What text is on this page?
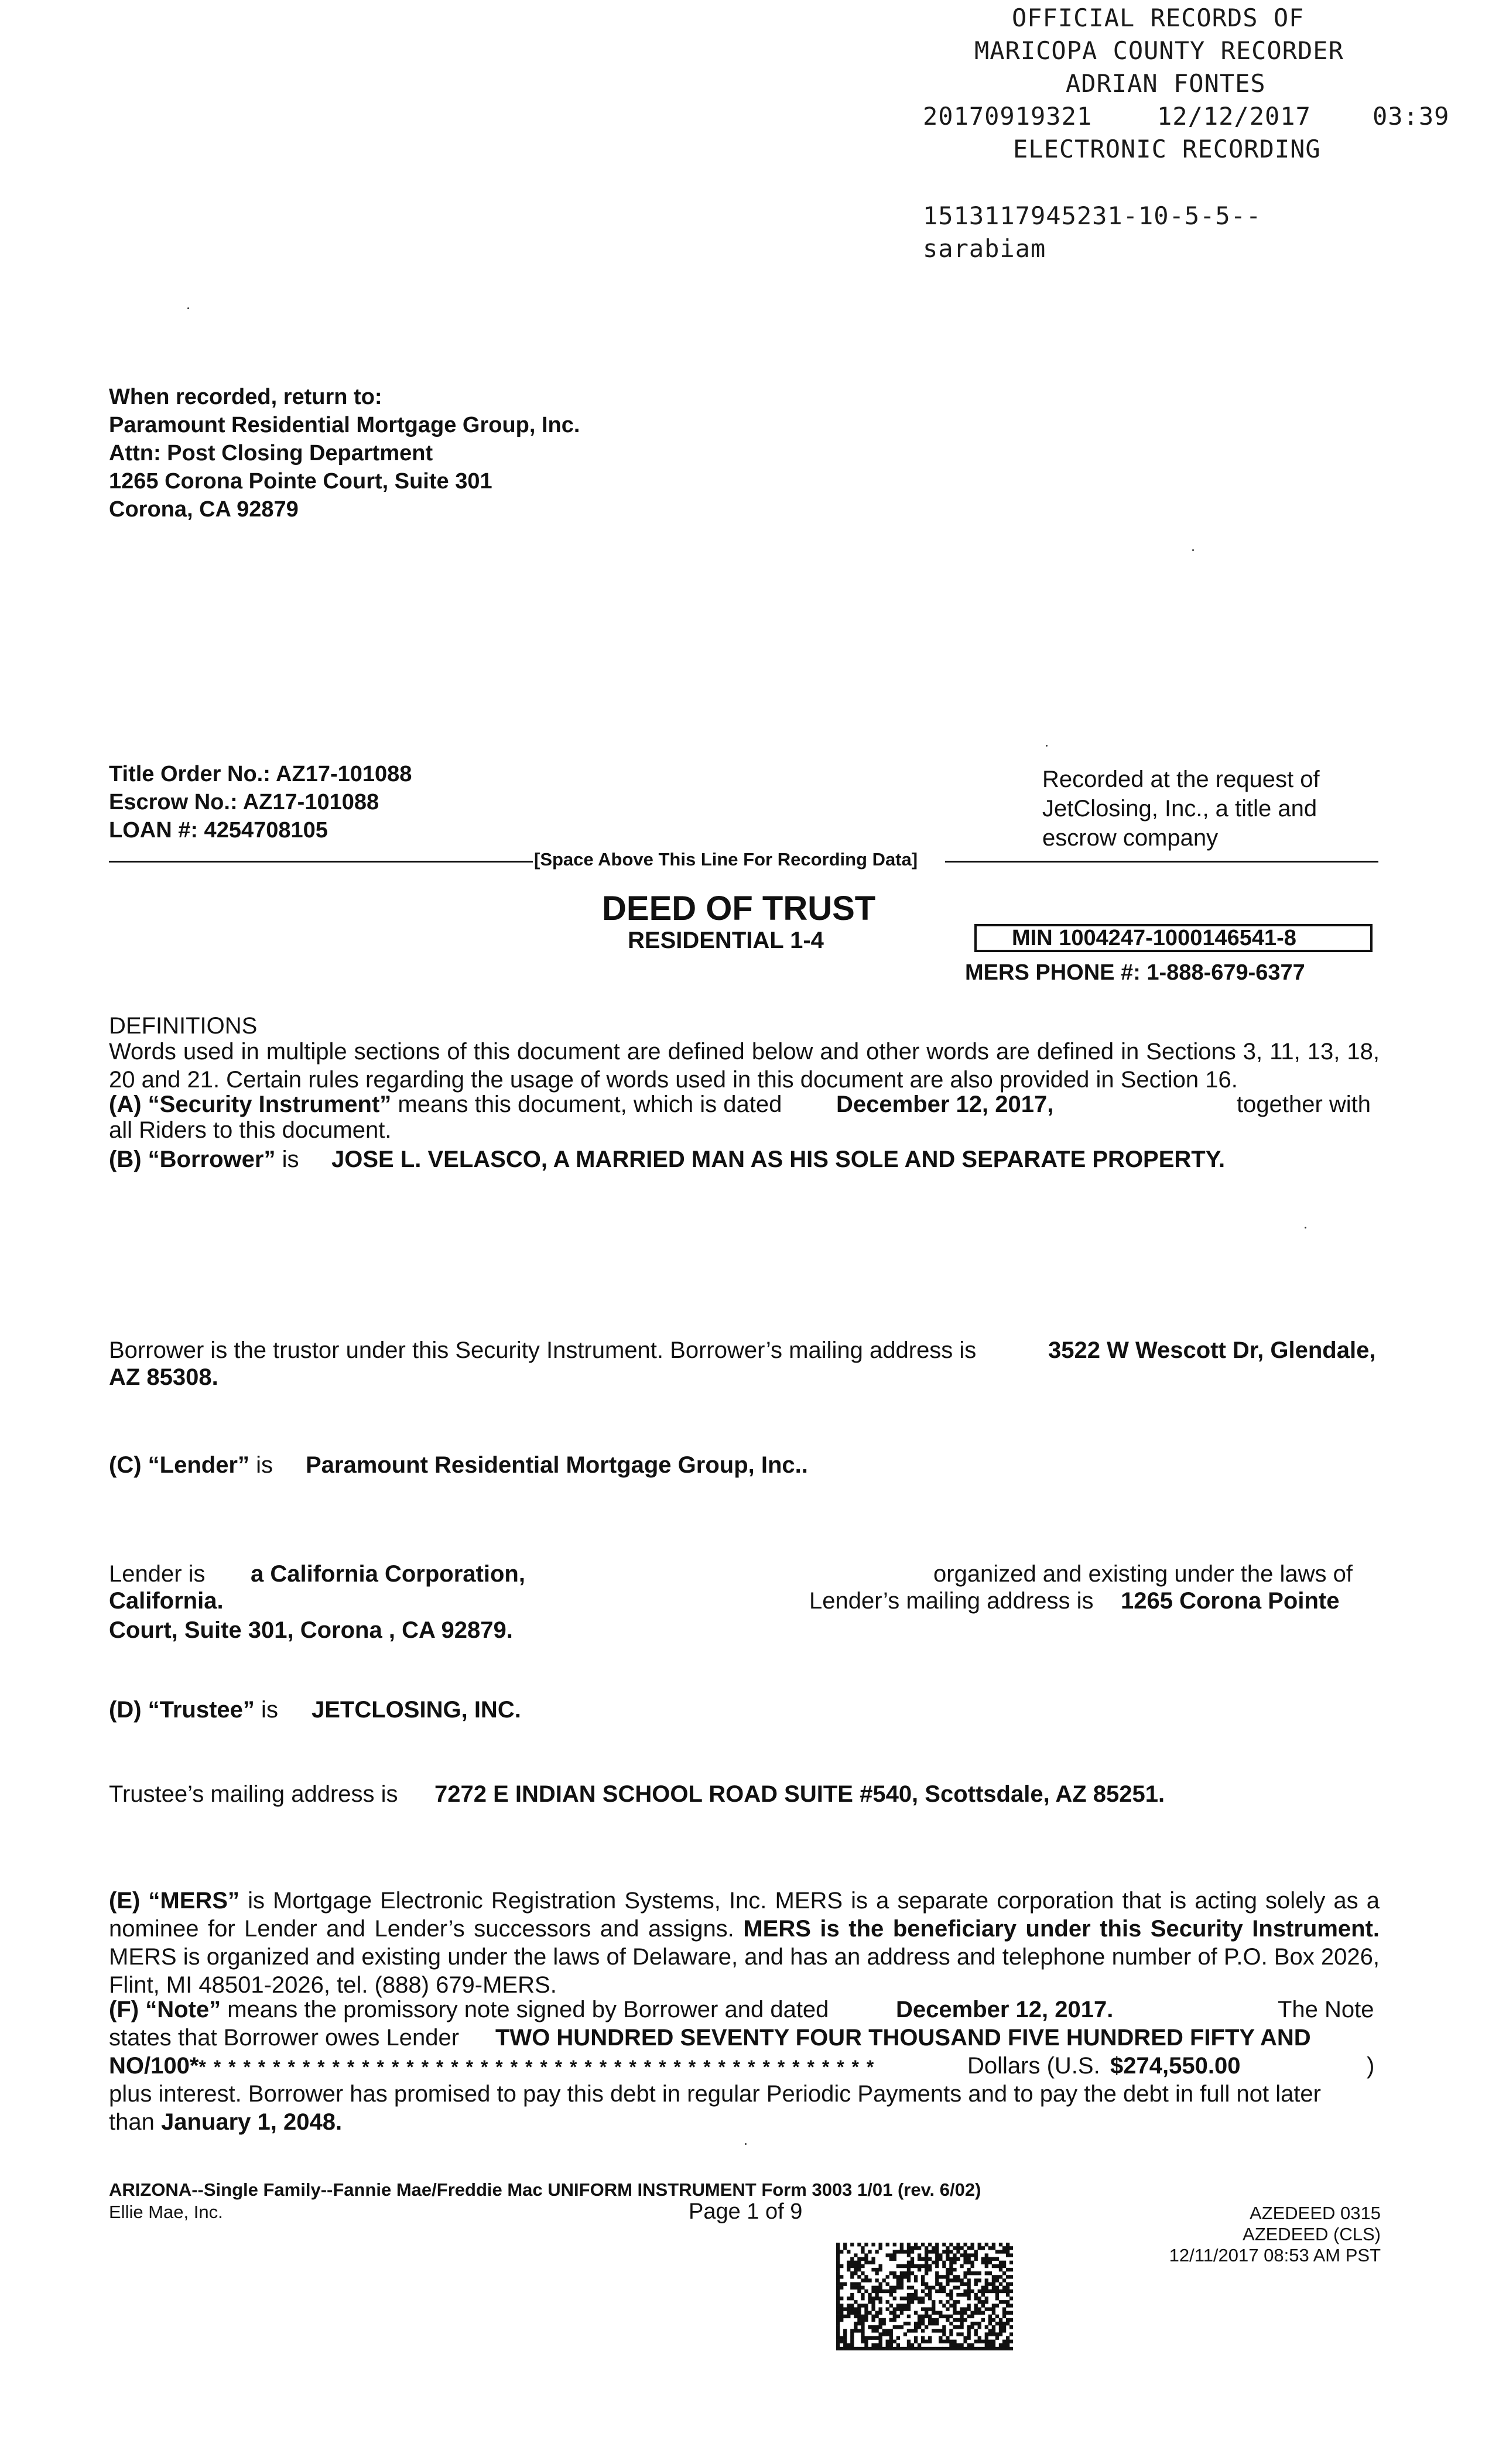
OFFICIAL RECORDS OF
MARICOPA COUNTY RECORDER
ADRIAN FONTES
20170919321	12/12/2017	03:39
ELECTRONIC RECORDING
1513117945231-10-5-5--
sarabiam
When recorded, return to:
Paramount Residential Mortgage Group, Inc.
Attn: Post Closing Department
1265 Corona Pointe Court, Suite 301
Corona, CA 92879
Title Order No.: AZ17-101088
Escrow No.: AZ17-101088
LOAN #: 4254708105
Recorded at the request of
JetClosing, Inc., a title and
escrow company
[Space Above This Line For Recording Data]
DEED OF TRUST
RESIDENTIAL 1-4	MIN 1004247-1000146541-8
MERS PHONE #: 1-888-679-6377
DEFINITIONS
Words used in multiple sections of this document are defined below and other words are defined in Sections 3, 11, 13, 18, 20 and 21. Certain rules regarding the usage of words used in this document are also provided in Section 16.
(A) “Security Instrument” means this document, which is dated December 12, 2017,	together with
all Riders to this document.
(B) “Borrower” is JOSE L. VELASCO, A MARRIED MAN AS HIS SOLE AND SEPARATE PROPERTY.
Borrower is the trustor under this Security Instrument. Borrower’s mailing address is	3522 W Wescott Dr, Glendale,
AZ 85308.
(C) “Lender” is Paramount Residential Mortgage Group, Inc..
Lender is a California Corporation,	organized and existing under the laws of
California.	Lender’s mailing address is 1265 Corona Pointe
Court, Suite 301, Corona , CA 92879.
(D) “Trustee” is JETCLOSING, INC.
Trustee’s mailing address is 7272 E INDIAN SCHOOL ROAD SUITE #540, Scottsdale, AZ 85251.
(E) “MERS” is Mortgage Electronic Registration Systems, Inc. MERS is a separate corporation that is acting solely as a nominee for Lender and Lender’s successors and assigns. MERS is the beneficiary under this Security Instrument. MERS is organized and existing under the laws of Delaware, and has an address and telephone number of P.O. Box 2026, Flint, MI 48501-2026, tel. (888) 679-MERS.
(F) “Note” means the promissory note signed by Borrower and dated	December 12, 2017.	The Note
states that Borrower owes Lender TWO HUNDRED SEVENTY FOUR THOUSAND FIVE HUNDRED FIFTY AND
NO/100** * * * * * * * * * * * * * * * * * * * * * * * * * * * * * * * * * * * * * * * * * * * * *	Dollars (U.S. $274,550.00	)
plus interest. Borrower has promised to pay this debt in regular Periodic Payments and to pay the debt in full not later
than January 1, 2048.
ARIZONA--Single Family--Fannie Mae/Freddie Mac UNIFORM INSTRUMENT Form 3003 1/01 (rev. 6/02)
Ellie Mae, Inc.	Page 1 of 9	AZEDEED 0315
AZEDEED (CLS)
12/11/2017 08:53 AM PST
